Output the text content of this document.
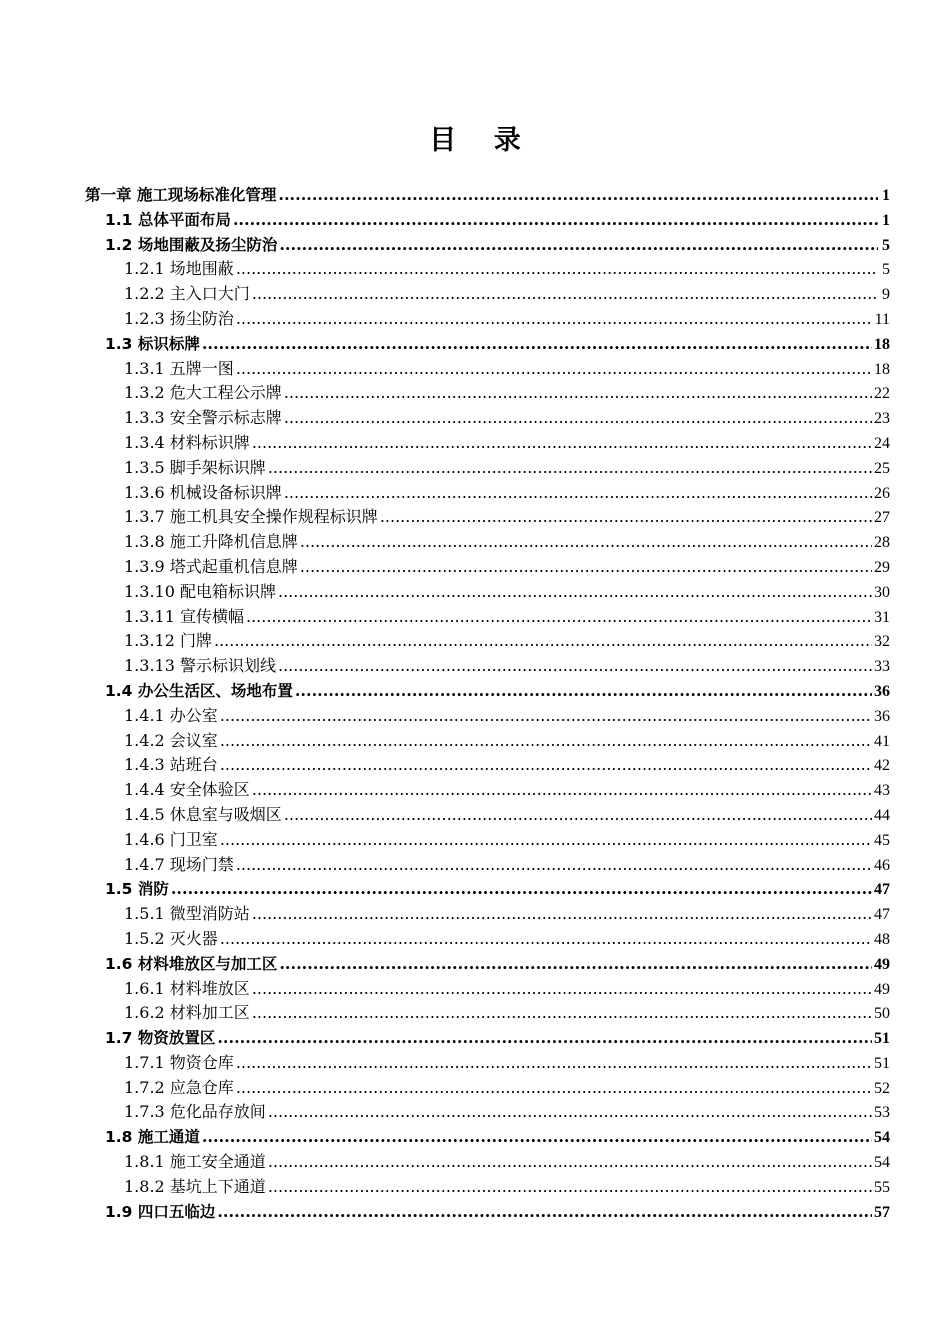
目 录
第一章 施工现场标准化管理 .....	1
1.1 总体平面布局 .....	1
1.2 场地围蔽及扬尘防治 .....	5
1.2.1 场地围蔽 .....	5
1.2.2 主入口大门 .....	9
1.2.3 扬尘防治 .....	11
1.3 标识标牌 .....	18
1.3.1 五牌一图 .....	18
1.3.2 危大工程公示牌 .....	22
1.3.3 安全警示标志牌 .....	23
1.3.4 材料标识牌 .....	24
1.3.5 脚手架标识牌 .....	25
1.3.6 机械设备标识牌 .....	26
1.3.7 施工机具安全操作规程标识牌 .....	27
1.3.8 施工升降机信息牌 .....	28
1.3.9 塔式起重机信息牌 .....	29
1.3.10 配电箱标识牌 .....	30
1.3.11 宣传横幅 .....	31
1.3.12 门牌 .....	32
1.3.13 警示标识划线 .....	33
1.4 办公生活区、场地布置 .....	36
1.4.1 办公室 .....	36
1.4.2 会议室 .....	41
1.4.3 站班台 .....	42
1.4.4 安全体验区 .....	43
1.4.5 休息室与吸烟区 .....	44
1.4.6 门卫室 .....	45
1.4.7 现场门禁 .....	46
1.5 消防 .....	47
1.5.1 微型消防站 .....	47
1.5.2 灭火器 .....	48
1.6 材料堆放区与加工区 .....	49
1.6.1 材料堆放区 .....	49
1.6.2 材料加工区 .....	50
1.7 物资放置区 .....	51
1.7.1 物资仓库 .....	51
1.7.2 应急仓库 .....	52
1.7.3 危化品存放间 .....	53
1.8 施工通道 .....	54
1.8.1 施工安全通道 .....	54
1.8.2 基坑上下通道 .....	55
1.9 四口五临边 .....	57
